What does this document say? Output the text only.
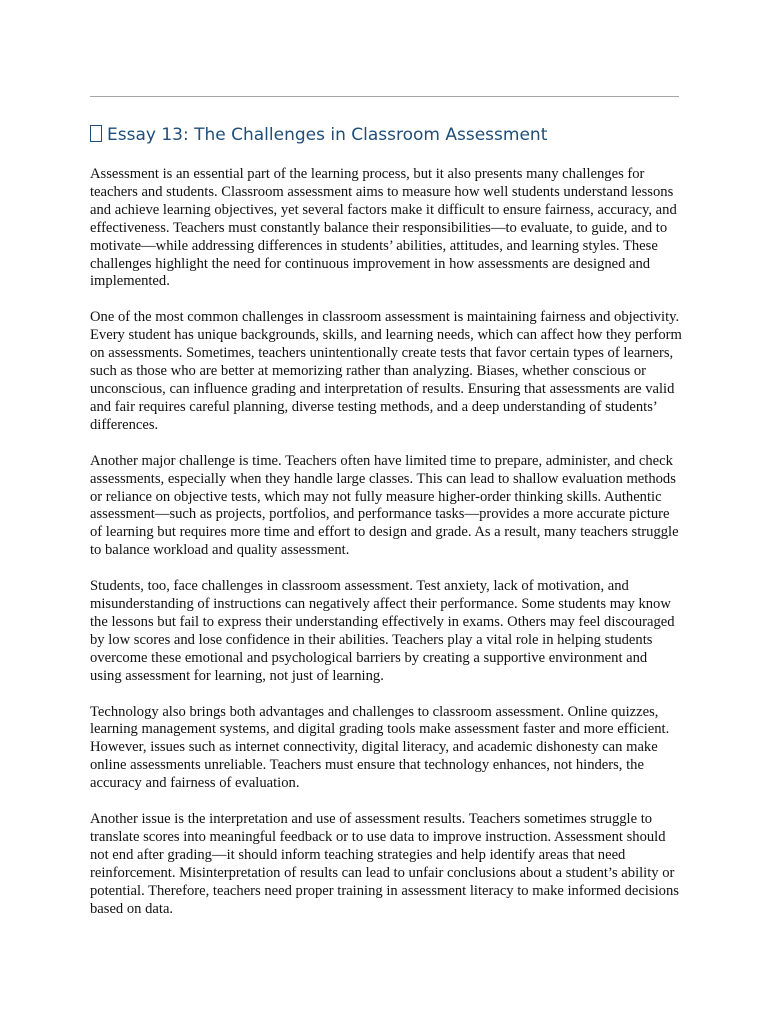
Essay 13: The Challenges in Classroom Assessment

Assessment is an essential part of the learning process, but it also presents many challenges for teachers and students. Classroom assessment aims to measure how well students understand lessons and achieve learning objectives, yet several factors make it difficult to ensure fairness, accuracy, and effectiveness. Teachers must constantly balance their responsibilities—to evaluate, to guide, and to motivate—while addressing differences in students’ abilities, attitudes, and learning styles. These challenges highlight the need for continuous improvement in how assessments are designed and implemented.

One of the most common challenges in classroom assessment is maintaining fairness and objectivity. Every student has unique backgrounds, skills, and learning needs, which can affect how they perform on assessments. Sometimes, teachers unintentionally create tests that favor certain types of learners, such as those who are better at memorizing rather than analyzing. Biases, whether conscious or unconscious, can influence grading and interpretation of results. Ensuring that assessments are valid and fair requires careful planning, diverse testing methods, and a deep understanding of students’ differences.

Another major challenge is time. Teachers often have limited time to prepare, administer, and check assessments, especially when they handle large classes. This can lead to shallow evaluation methods or reliance on objective tests, which may not fully measure higher-order thinking skills. Authentic assessment—such as projects, portfolios, and performance tasks—provides a more accurate picture of learning but requires more time and effort to design and grade. As a result, many teachers struggle to balance workload and quality assessment.

Students, too, face challenges in classroom assessment. Test anxiety, lack of motivation, and misunderstanding of instructions can negatively affect their performance. Some students may know the lessons but fail to express their understanding effectively in exams. Others may feel discouraged by low scores and lose confidence in their abilities. Teachers play a vital role in helping students overcome these emotional and psychological barriers by creating a supportive environment and using assessment for learning, not just of learning.

Technology also brings both advantages and challenges to classroom assessment. Online quizzes, learning management systems, and digital grading tools make assessment faster and more efficient. However, issues such as internet connectivity, digital literacy, and academic dishonesty can make online assessments unreliable. Teachers must ensure that technology enhances, not hinders, the accuracy and fairness of evaluation.

Another issue is the interpretation and use of assessment results. Teachers sometimes struggle to translate scores into meaningful feedback or to use data to improve instruction. Assessment should not end after grading—it should inform teaching strategies and help identify areas that need reinforcement. Misinterpretation of results can lead to unfair conclusions about a student’s ability or potential. Therefore, teachers need proper training in assessment literacy to make informed decisions based on data.
